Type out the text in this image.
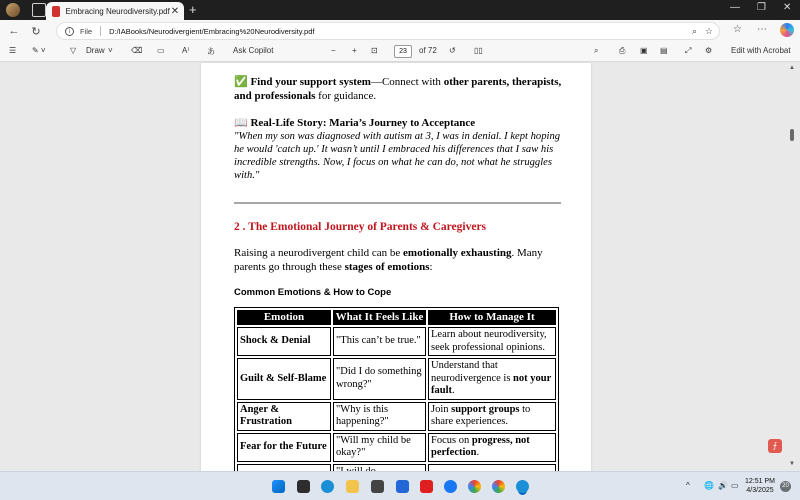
Embracing Neurodiversity.pdf ✕ +	— ❐ ✕
←	↻	i	File D:/IABooks/Neurodivergient/Embracing%20Neurodiversity.pdf	⌕ ☆ ☆ ⋯
☰ ✎ ˅	▽ Draw ˅ ⌫ ▭ A⁾ あ Ask Copilot	− + ⊡	23	of 72 ↺ ▯▯	⌕	⎙ ▣ ▤ ⤢ ⚙ Edit with Acrobat
✅ Find your support system—Connect with other parents, therapists, and professionals for guidance.
📖 Real-Life Story: Maria’s Journey to Acceptance
"When my son was diagnosed with autism at 3, I was in denial. I kept hoping he would 'catch up.' It wasn’t until I embraced his differences that I saw his incredible strengths. Now, I focus on what he can do, not what he struggles with."
2 . The Emotional Journey of Parents & Caregivers
Raising a neurodivergent child can be emotionally exhausting. Many parents go through these stages of emotions:
Common Emotions & How to Cope
Emotion	What It Feels Like	How to Manage It
Shock & Denial	"This can’t be true."	Learn about neurodiversity, seek professional opinions.
Guilt & Self-Blame	"Did I do something wrong?"	Understand that neurodivergence is not your fault.
Anger & Frustration	"Why is this happening?"	Join support groups to share experiences.
Fear for the Future	"Will my child be okay?"	Focus on progress, not perfection.

▲
▼
⨍
^ 🌐 🔊 ▭ 12:51 PM
4/3/2025
20
